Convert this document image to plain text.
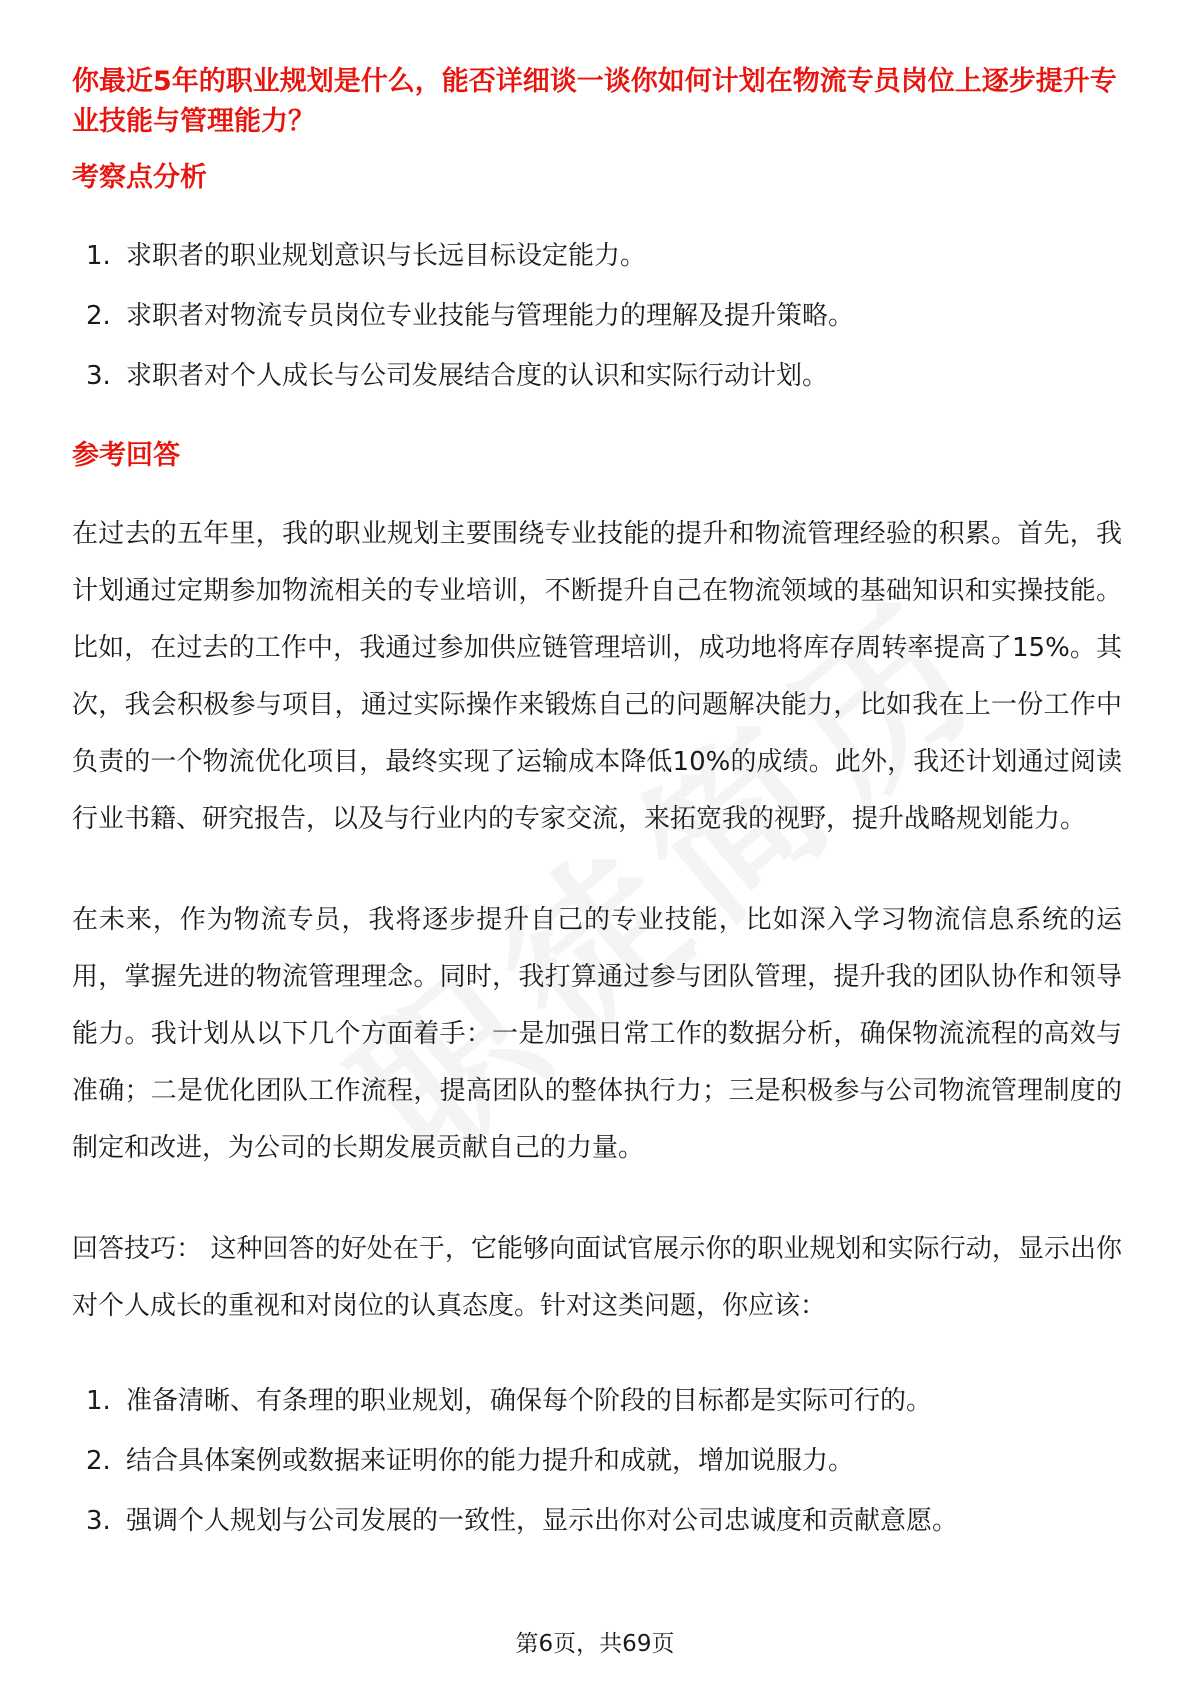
你最近5年的职业规划是什么，能否详细谈一谈你如何计划在物流专员岗位上逐步提升专业技能与管理能力？
考察点分析
1. 求职者的职业规划意识与长远目标设定能力。
2. 求职者对物流专员岗位专业技能与管理能力的理解及提升策略。
3. 求职者对个人成长与公司发展结合度的认识和实际行动计划。
参考回答

在过去的五年里，我的职业规划主要围绕专业技能的提升和物流管理经验的积累。首先，我计划通过定期参加物流相关的专业培训，不断提升自己在物流领域的基础知识和实操技能。比如，在过去的工作中，我通过参加供应链管理培训，成功地将库存周转率提高了15%。其次，我会积极参与项目，通过实际操作来锻炼自己的问题解决能力，比如我在上一份工作中负责的一个物流优化项目，最终实现了运输成本降低10%的成绩。此外，我还计划通过阅读行业书籍、研究报告，以及与行业内的专家交流，来拓宽我的视野，提升战略规划能力。

在未来，作为物流专员，我将逐步提升自己的专业技能，比如深入学习物流信息系统的运用，掌握先进的物流管理理念。同时，我打算通过参与团队管理，提升我的团队协作和领导能力。我计划从以下几个方面着手：一是加强日常工作的数据分析，确保物流流程的高效与准确；二是优化团队工作流程，提高团队的整体执行力；三是积极参与公司物流管理制度的制定和改进，为公司的长期发展贡献自己的力量。

回答技巧： 这种回答的好处在于，它能够向面试官展示你的职业规划和实际行动，显示出你对个人成长的重视和对岗位的认真态度。针对这类问题，你应该：

1. 准备清晰、有条理的职业规划，确保每个阶段的目标都是实际可行的。
2. 结合具体案例或数据来证明你的能力提升和成就，增加说服力。
3. 强调个人规划与公司发展的一致性，显示出你对公司忠诚度和贡献意愿。
第6页，共69页
